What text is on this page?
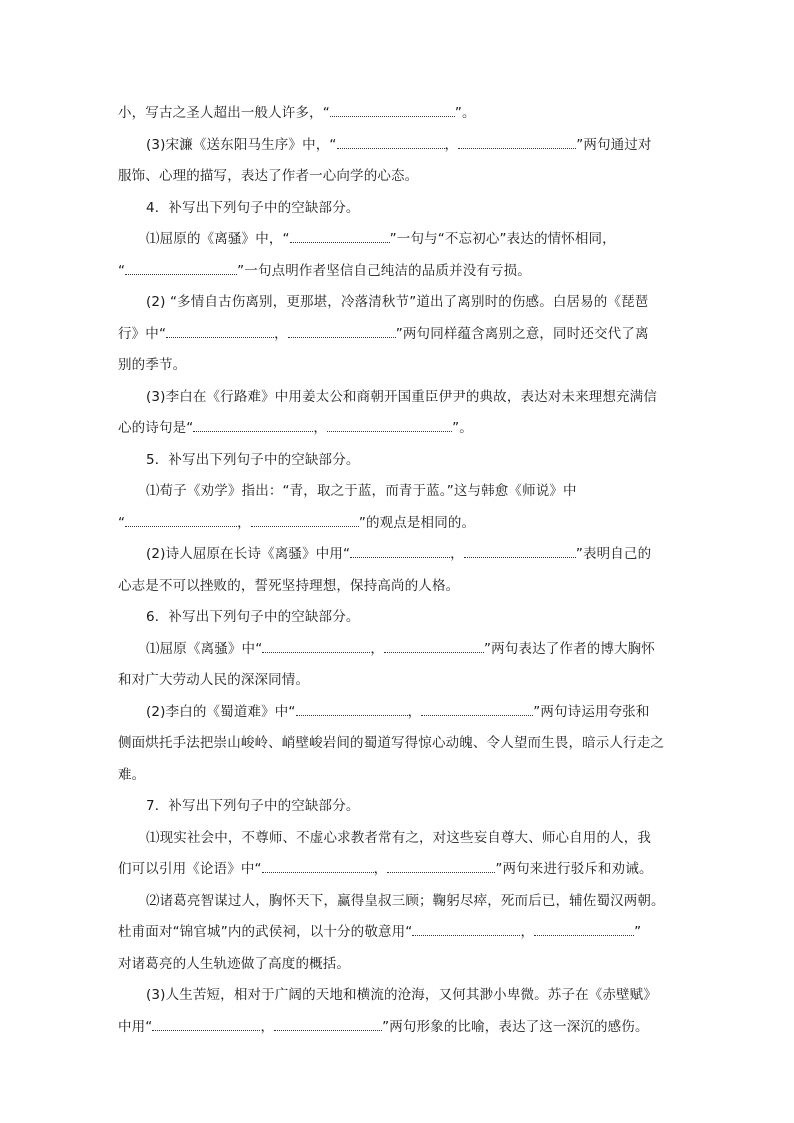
小，写古之圣人超出一般人许多，“	”。
(3)宋濂《送东阳马生序》中，“	，	”两句通过对
服饰、心理的描写，表达了作者一心向学的心态。
4．补写出下列句子中的空缺部分。
⑴屈原的《离骚》中，“	”一句与“不忘初心”表达的情怀相同，
“	”一句点明作者坚信自己纯洁的品质并没有亏损。
(2) “多情自古伤离别，更那堪，冷落清秋节”道出了离别时的伤感。白居易的《琵琶
行》中“	，	”两句同样蕴含离别之意，同时还交代了离
别的季节。
(3)李白在《行路难》中用姜太公和商朝开国重臣伊尹的典故，表达对未来理想充满信
心的诗句是“	，	”。
5．补写出下列句子中的空缺部分。
⑴荀子《劝学》指出：“青，取之于蓝，而青于蓝。”这与韩愈《师说》中
“	，	”的观点是相同的。
(2)诗人屈原在长诗《离骚》中用“	，	”表明自己的
心志是不可以挫败的，誓死坚持理想，保持高尚的人格。
6．补写出下列句子中的空缺部分。
⑴屈原《离骚》中“	，	”两句表达了作者的博大胸怀
和对广大劳动人民的深深同情。
(2)李白的《蜀道难》中“	，	”两句诗运用夸张和
侧面烘托手法把崇山峻岭、峭壁峻岩间的蜀道写得惊心动魄、令人望而生畏，暗示人行走之
难。
7．补写出下列句子中的空缺部分。
⑴现实社会中，不尊师、不虚心求教者常有之，对这些妄自尊大、师心自用的人，我
们可以引用《论语》中“	，	”两句来进行驳斥和劝诫。
⑵诸葛亮智谋过人，胸怀天下，赢得皇叔三顾；鞠躬尽瘁，死而后已，辅佐蜀汉两朝。
杜甫面对“锦官城”内的武侯祠，以十分的敬意用“	，	”
对诸葛亮的人生轨迹做了高度的概括。
(3)人生苦短，相对于广阔的天地和横流的沧海，又何其渺小卑微。苏子在《赤壁赋》
中用“	，	”两句形象的比喻，表达了这一深沉的感伤。
